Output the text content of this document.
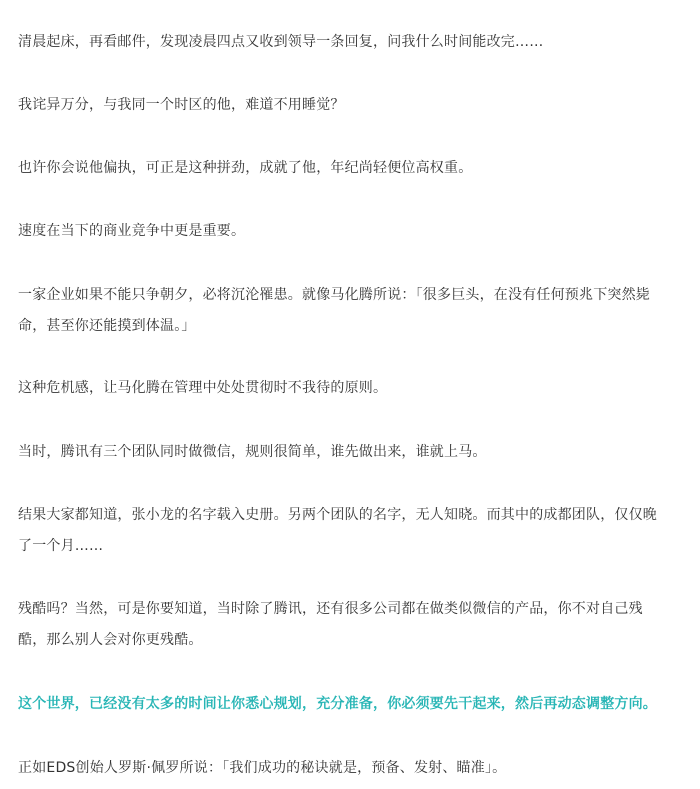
清晨起床，再看邮件，发现凌晨四点又收到领导一条回复，问我什么时间能改完……

我诧异万分，与我同一个时区的他，难道不用睡觉？

也许你会说他偏执，可正是这种拼劲，成就了他，年纪尚轻便位高权重。

速度在当下的商业竞争中更是重要。

一家企业如果不能只争朝夕，必将沉沦罹患。就像马化腾所说：「很多巨头，在没有任何预兆下突然毙
命，甚至你还能摸到体温。」

这种危机感，让马化腾在管理中处处贯彻时不我待的原则。

当时，腾讯有三个团队同时做微信，规则很简单，谁先做出来，谁就上马。

结果大家都知道，张小龙的名字载入史册。另两个团队的名字，无人知晓。而其中的成都团队，仅仅晚
了一个月……

残酷吗？当然，可是你要知道，当时除了腾讯，还有很多公司都在做类似微信的产品，你不对自己残
酷，那么别人会对你更残酷。

这个世界，已经没有太多的时间让你悉心规划，充分准备，你必须要先干起来，然后再动态调整方向。

正如EDS创始人罗斯·佩罗所说：「我们成功的秘诀就是，预备、发射、瞄准」。
